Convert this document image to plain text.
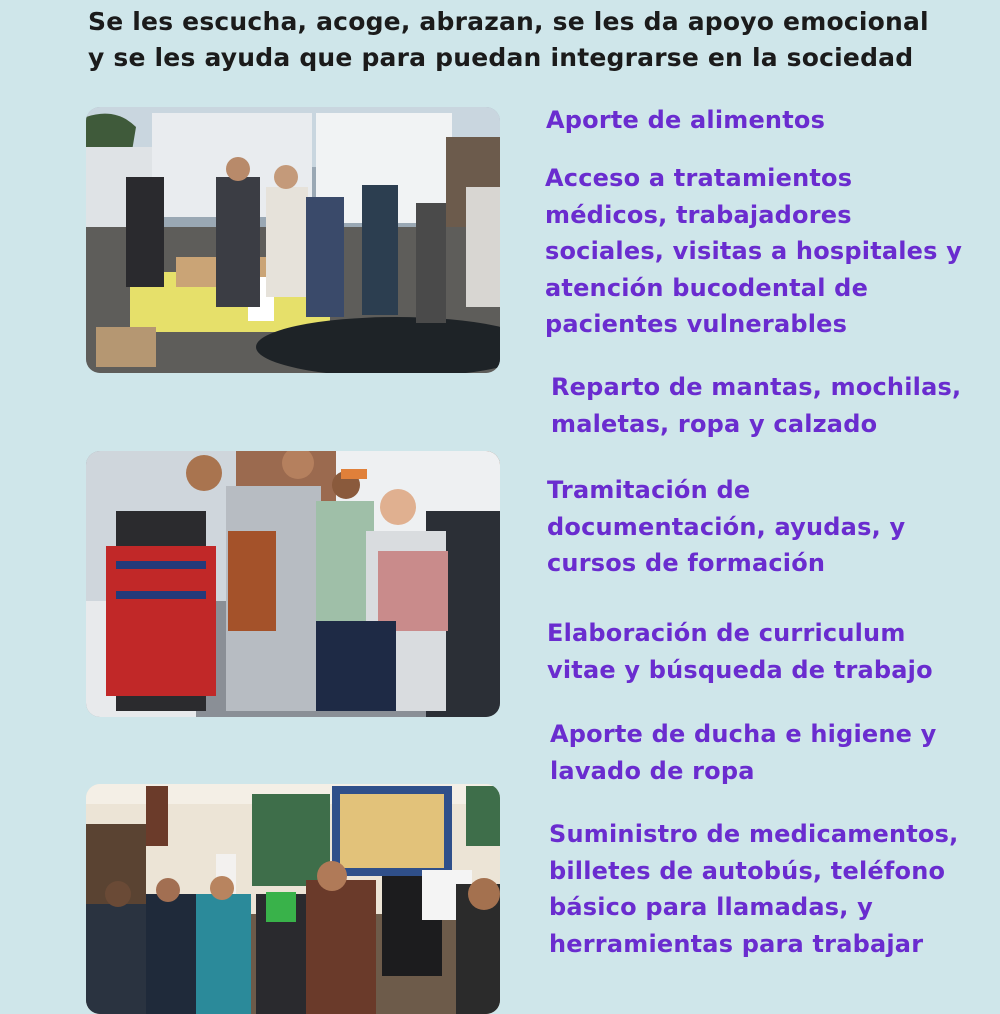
Se les escucha, acoge, abrazan, se les da apoyo emocional
y se les ayuda que para puedan integrarse en la sociedad
Aporte de alimentos
Acceso a tratamientos
médicos, trabajadores
sociales, visitas a hospitales y
atención bucodental de
pacientes vulnerables
Reparto de mantas, mochilas,
maletas, ropa y calzado
Tramitación de
documentación, ayudas, y
cursos de formación
Elaboración de curriculum
vitae y búsqueda de trabajo
Aporte de ducha e higiene y
lavado de ropa
Suministro de medicamentos,
billetes de autobús, teléfono
básico para llamadas, y
herramientas para trabajar
